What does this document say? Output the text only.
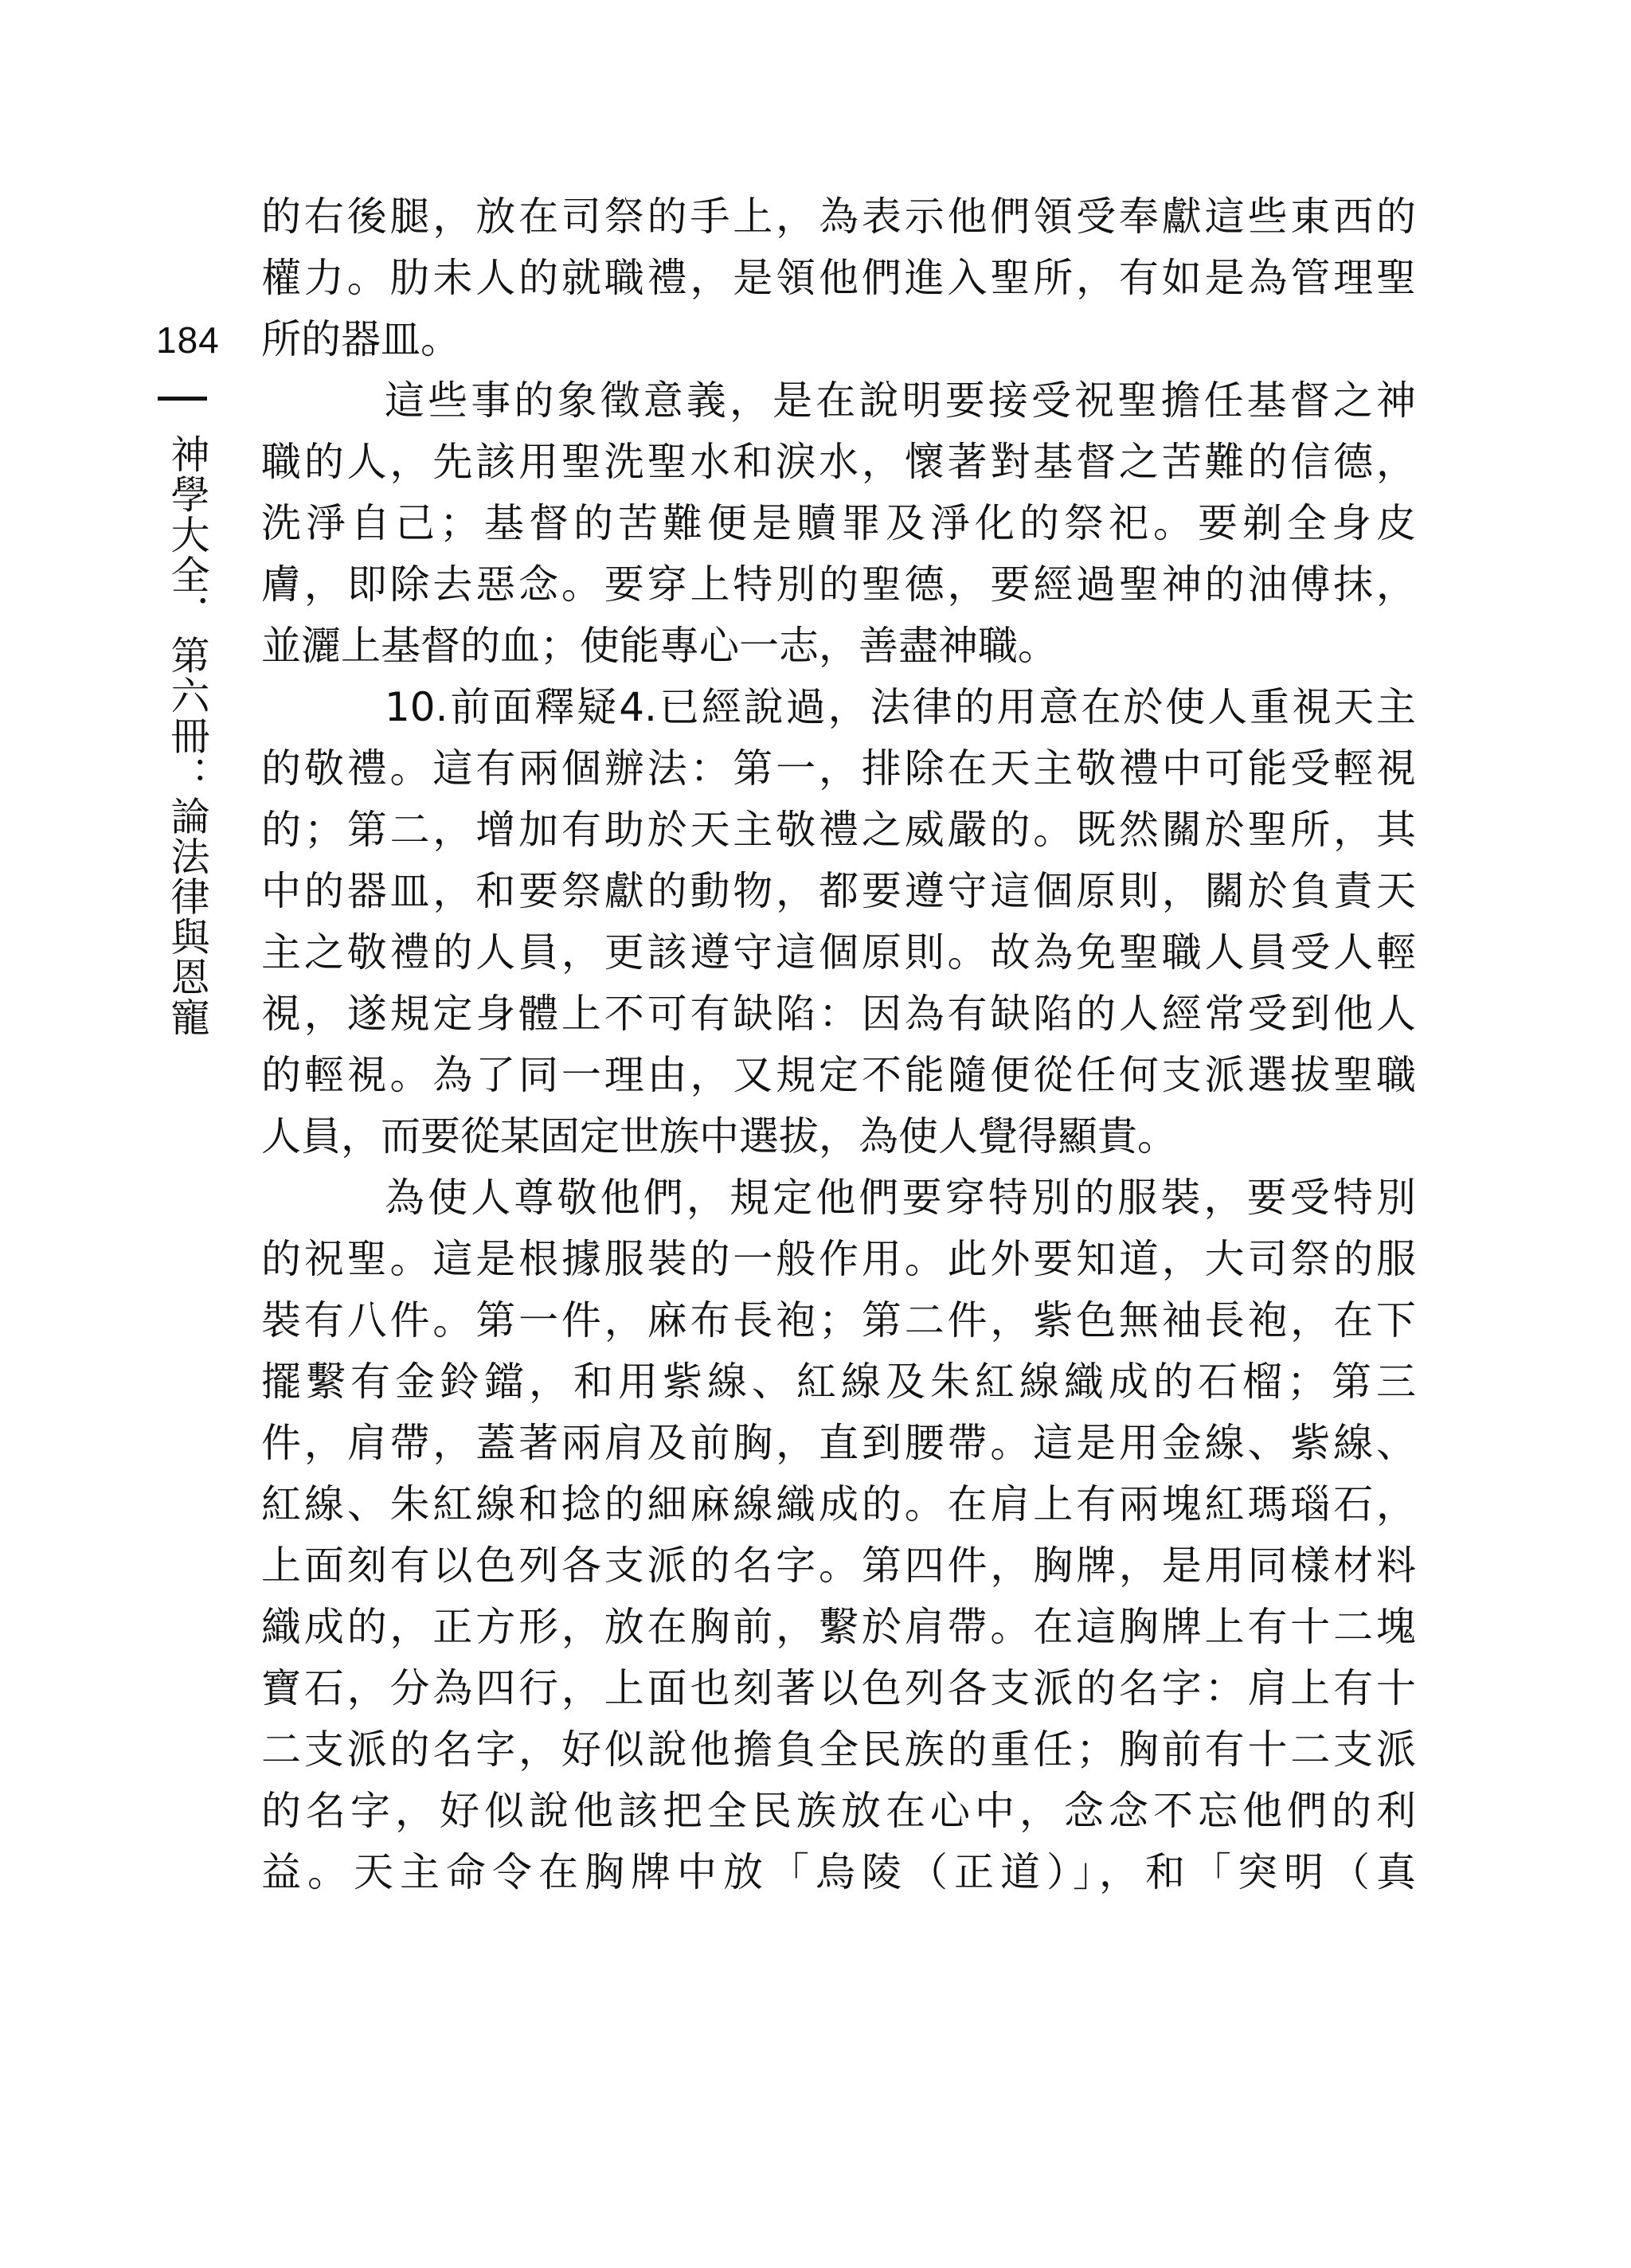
184
神學大全．第六冊：論法律與恩寵
的右後腿，放在司祭的手上，為表示他們領受奉獻這些東西的
權力。肋未人的就職禮，是領他們進入聖所，有如是為管理聖
所的器皿。
這些事的象徵意義，是在說明要接受祝聖擔任基督之神
職的人，先該用聖洗聖水和淚水，懷著對基督之苦難的信德，
洗淨自己；基督的苦難便是贖罪及淨化的祭祀。要剃全身皮
膚，即除去惡念。要穿上特別的聖德，要經過聖神的油傅抹，
並灑上基督的血；使能專心一志，善盡神職。
10.前面釋疑4.已經說過，法律的用意在於使人重視天主
的敬禮。這有兩個辦法：第一，排除在天主敬禮中可能受輕視
的；第二，增加有助於天主敬禮之威嚴的。既然關於聖所，其
中的器皿，和要祭獻的動物，都要遵守這個原則，關於負責天
主之敬禮的人員，更該遵守這個原則。故為免聖職人員受人輕
視，遂規定身體上不可有缺陷：因為有缺陷的人經常受到他人
的輕視。為了同一理由，又規定不能隨便從任何支派選拔聖職
人員，而要從某固定世族中選拔，為使人覺得顯貴。
為使人尊敬他們，規定他們要穿特別的服裝，要受特別
的祝聖。這是根據服裝的一般作用。此外要知道，大司祭的服
裝有八件。第一件，麻布長袍；第二件，紫色無袖長袍，在下
擺繫有金鈴鐺，和用紫線、紅線及朱紅線織成的石榴；第三
件，肩帶，蓋著兩肩及前胸，直到腰帶。這是用金線、紫線、
紅線、朱紅線和捻的細麻線織成的。在肩上有兩塊紅瑪瑙石，
上面刻有以色列各支派的名字。第四件，胸牌，是用同樣材料
織成的，正方形，放在胸前，繫於肩帶。在這胸牌上有十二塊
寶石，分為四行，上面也刻著以色列各支派的名字：肩上有十
二支派的名字，好似說他擔負全民族的重任；胸前有十二支派
的名字，好似說他該把全民族放在心中，念念不忘他們的利
益。天主命令在胸牌中放「烏陵（正道）」，和「突明（真
